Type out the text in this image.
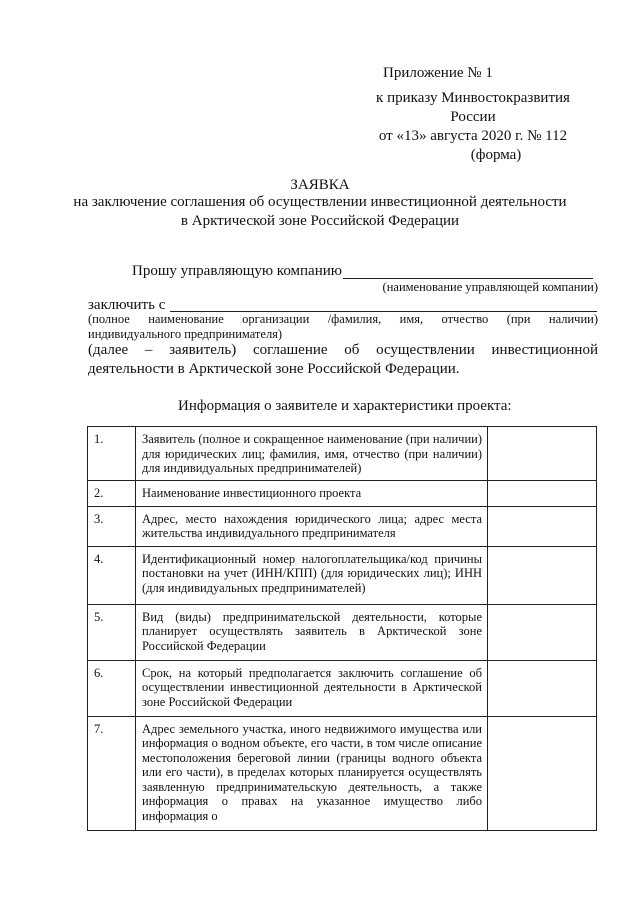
Приложение № 1
к приказу Минвостокразвития
России
от «13» августа 2020 г. № 112
(форма)
ЗАЯВКА
на заключение соглашения об осуществлении инвестиционной деятельности
в Арктической зоне Российской Федерации
Прошу управляющую компанию
(наименование управляющей компании)
заключить с
(полное наименование организации /фамилия, имя, отчество (при наличии)
индивидуального предпринимателя)
(далее – заявитель) соглашение об осуществлении инвестиционной
деятельности в Арктической зоне Российской Федерации.
Информация о заявителе и характеристики проекта:
1.	Заявитель (полное и сокращенное наименование (при наличии) для юридических лиц; фамилия, имя, отчество (при наличии) для индивидуальных предпринимателей)	
2.	Наименование инвестиционного проекта	
3.	Адрес, место нахождения юридического лица; адрес места жительства индивидуального предпринимателя	
4.	Идентификационный номер налогоплательщика/код причины постановки на учет (ИНН/КПП) (для юридических лиц); ИНН (для индивидуальных предпринимателей)	
5.	Вид (виды) предпринимательской деятельности, которые планирует осуществлять заявитель в Арктической зоне Российской Федерации	
6.	Срок, на который предполагается заключить соглашение об осуществлении инвестиционной деятельности в Арктической зоне Российской Федерации	
7.	Адрес земельного участка, иного недвижимого имущества или информация о водном объекте, его части, в том числе описание местоположения береговой линии (границы водного объекта или его части), в пределах которых планируется осуществлять заявленную предпринимательскую деятельность, а также информация о правах на указанное имущество либо информация о	
